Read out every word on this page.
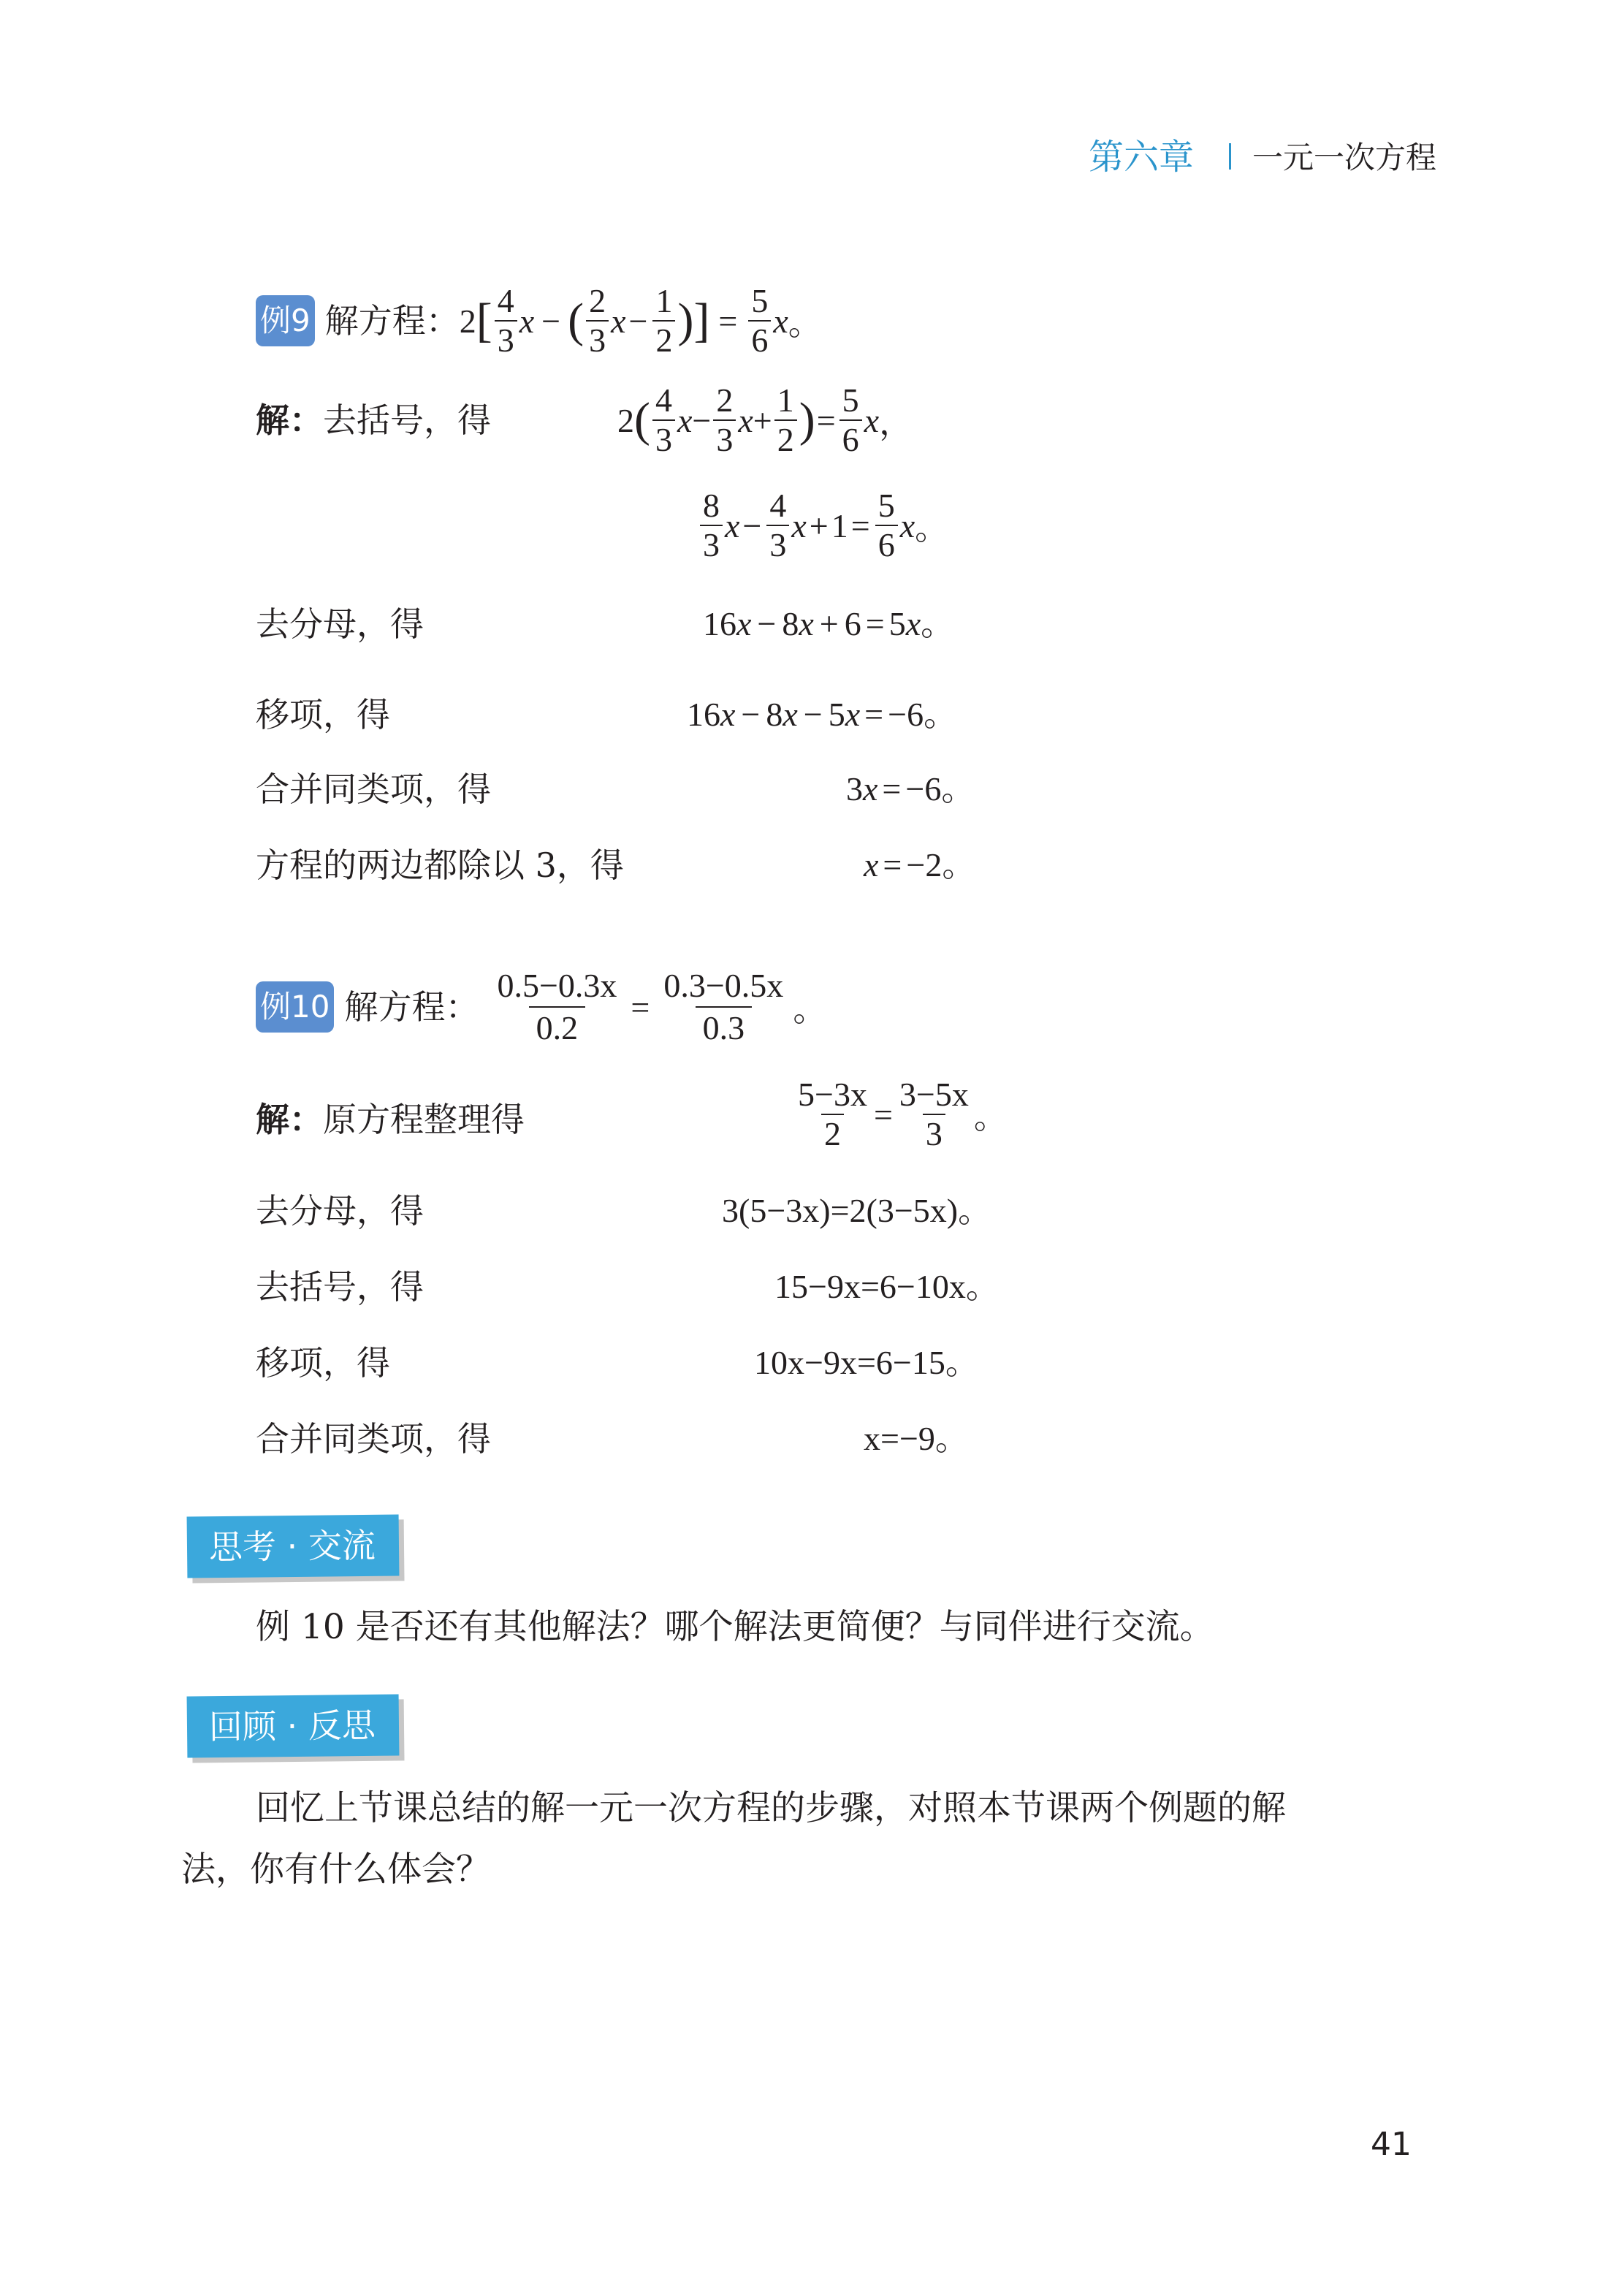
第六章 一元一次方程
例9 解方程： 2 [ $\frac{4}{3}$ x − ( $\frac{2}{3}$ $x - \frac{1}{2}$ ) ] = $\frac{5}{6}$ x 。
解：去括号，得	2 ( $\frac{4}{3}$ $x - \frac{2}{3}$ $x + \frac{1}{2}$ ) = $\frac{5}{6}$ x ，
$\frac{8}{3}$ $x - \frac{4}{3}$ $x + 1 = \frac{5}{6}$ x 。
去分母，得	16 x − 8 x + 6 = 5 x 。
移项，得	16 x − 8 x − 5 x = − 6 。
合并同类项，得	3 x = − 6 。
方程的两边都除以 3，得	x = − 2 。
例10 解方程： $\frac{0.5-0.3x}{0.2} = \frac{0.3-0.5x}{0.3}$ 。
解：原方程整理得	$\frac{5-3x}{2} = \frac{3-5x}{3}$ 。
去分母，得	3(5−3x)=2(3−5x)。
去括号，得	15−9x=6−10x。
移项，得	10x−9x=6−15。
合并同类项，得	x=−9。
思考 · 交流
例 10 是否还有其他解法？哪个解法更简便？与同伴进行交流。
回顾 · 反思
回忆上节课总结的解一元一次方程的步骤，对照本节课两个例题的解
法，你有什么体会？
41
